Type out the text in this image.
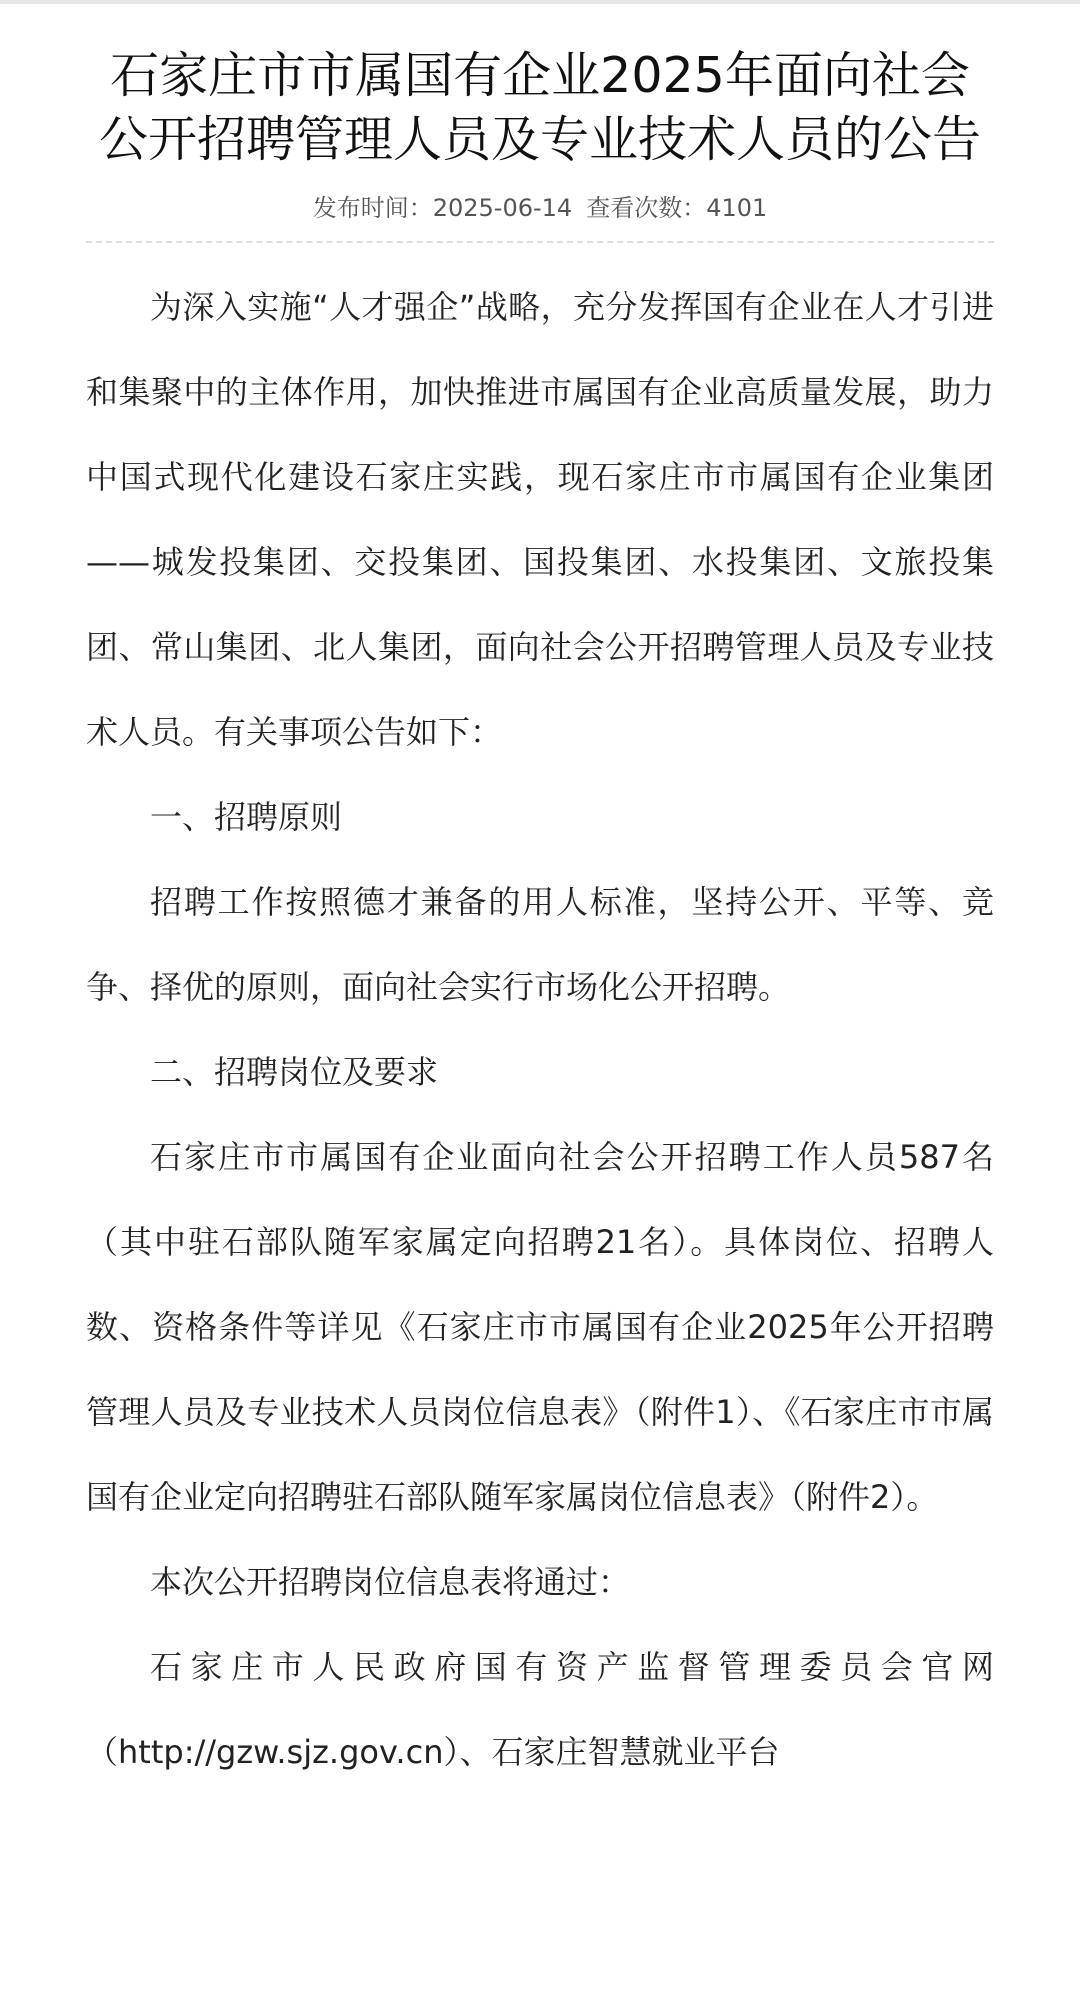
石家庄市市属国有企业2025年面向社会公开招聘管理人员及专业技术人员的公告
发布时间：2025-06-14 查看次数：4101

为深入实施“人才强企”战略，充分发挥国有企业在人才引进和集聚中的主体作用，加快推进市属国有企业高质量发展，助力中国式现代化建设石家庄实践，现石家庄市市属国有企业集团——城发投集团、交投集团、国投集团、水投集团、文旅投集团、常山集团、北人集团，面向社会公开招聘管理人员及专业技术人员。有关事项公告如下：

一、招聘原则

招聘工作按照德才兼备的用人标准，坚持公开、平等、竞争、择优的原则，面向社会实行市场化公开招聘。

二、招聘岗位及要求

石家庄市市属国有企业面向社会公开招聘工作人员587名（其中驻石部队随军家属定向招聘21名）。具体岗位、招聘人数、资格条件等详见《石家庄市市属国有企业2025年公开招聘管理人员及专业技术人员岗位信息表》（附件1）、《石家庄市市属国有企业定向招聘驻石部队随军家属岗位信息表》（附件2）。

本次公开招聘岗位信息表将通过：

石家庄市人民政府国有资产监督管理委员会官网（http://gzw.sjz.gov.cn）、石家庄智慧就业平台
